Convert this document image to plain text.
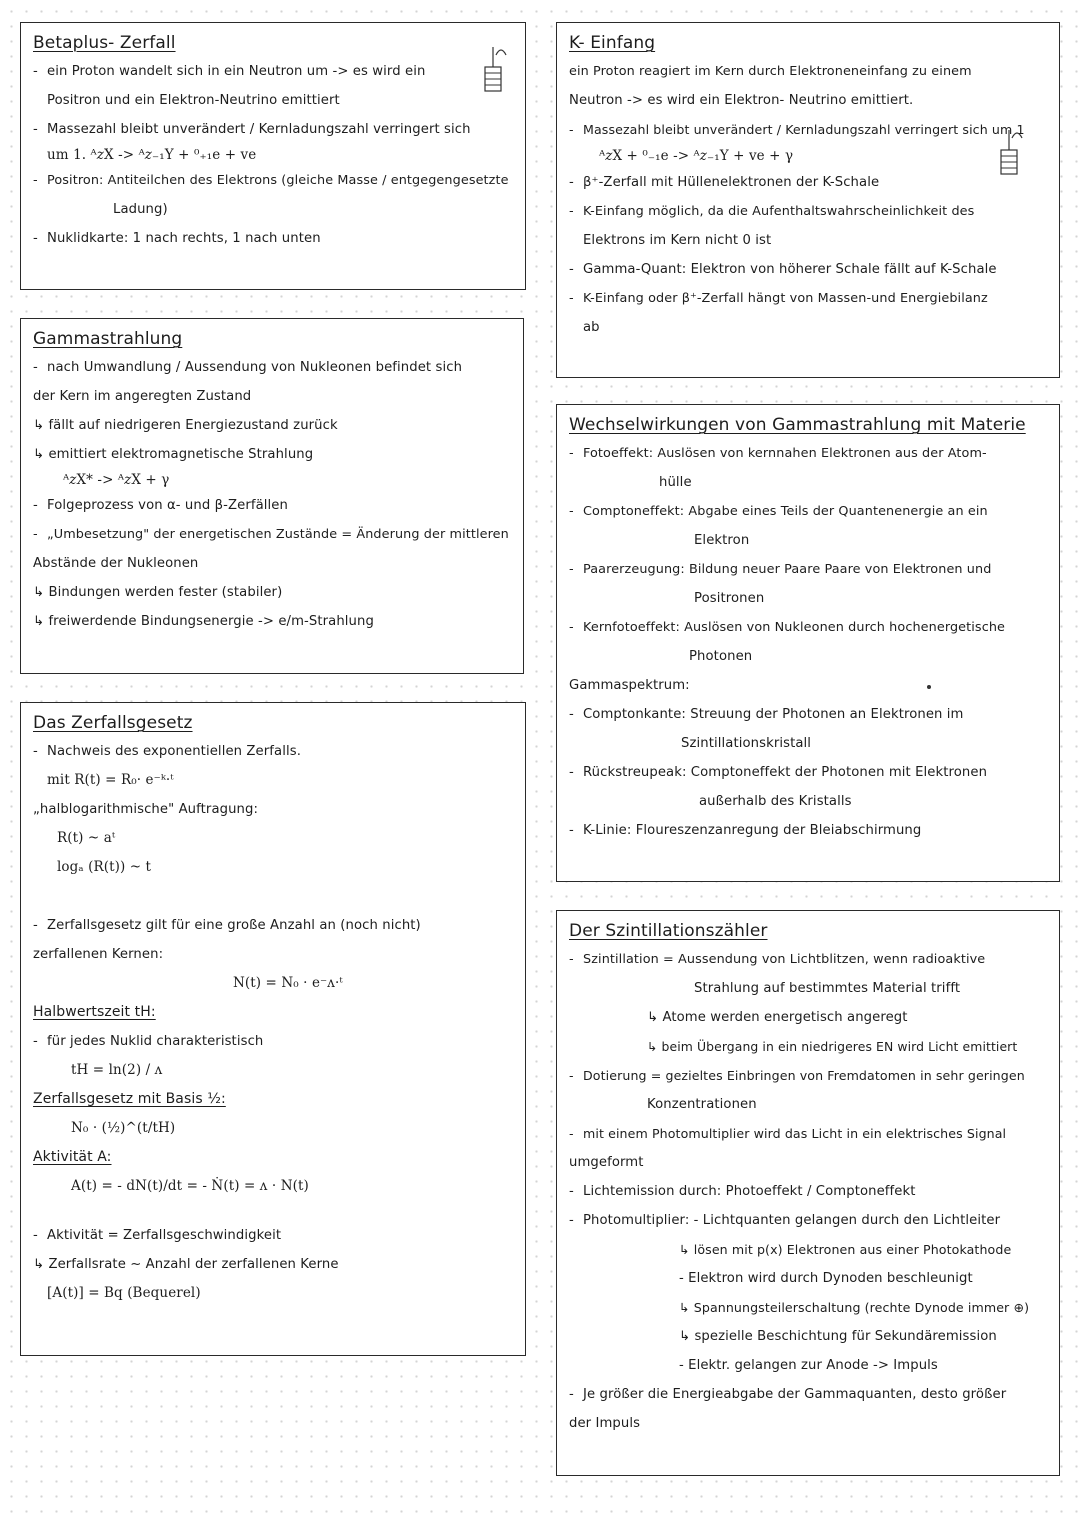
Betaplus- Zerfall
- ein Proton wandelt sich in ein Neutron um -> es wird ein
Positron und ein Elektron-Neutrino emittiert
- Massezahl bleibt unverändert / Kernladungszahl verringert sich
um 1. ᴬ𝑧X -> ᴬ𝑧₋₁Y + ⁰₊₁e + ve
- Positron: Antiteilchen des Elektrons (gleiche Masse / entgegengesetzte
Ladung)
- Nuklidkarte: 1 nach rechts, 1 nach unten
K- Einfang
ein Proton reagiert im Kern durch Elektroneneinfang zu einem
Neutron -> es wird ein Elektron- Neutrino emittiert.
- Massezahl bleibt unverändert / Kernladungszahl verringert sich um 1
ᴬ𝑧X + ⁰₋₁e -> ᴬ𝑧₋₁Y + ve + γ
- β⁺-Zerfall mit Hüllenelektronen der K-Schale
- K-Einfang möglich, da die Aufenthaltswahrscheinlichkeit des
Elektrons im Kern nicht 0 ist
- Gamma-Quant: Elektron von höherer Schale fällt auf K-Schale
- K-Einfang oder β⁺-Zerfall hängt von Massen-und Energiebilanz
ab
Gammastrahlung
- nach Umwandlung / Aussendung von Nukleonen befindet sich
der Kern im angeregten Zustand
↳ fällt auf niedrigeren Energiezustand zurück
↳ emittiert elektromagnetische Strahlung
ᴬ𝑧X* -> ᴬ𝑧X + γ
- Folgeprozess von α- und β-Zerfällen
- „Umbesetzung" der energetischen Zustände = Änderung der mittleren
Abstände der Nukleonen
↳ Bindungen werden fester (stabiler)
↳ freiwerdende Bindungsenergie -> e/m-Strahlung
Wechselwirkungen von Gammastrahlung mit Materie
- Fotoeffekt: Auslösen von kernnahen Elektronen aus der Atom-
hülle
- Comptoneffekt: Abgabe eines Teils der Quantenenergie an ein
Elektron
- Paarerzeugung: Bildung neuer Paare Paare von Elektronen und
Positronen
- Kernfotoeffekt: Auslösen von Nukleonen durch hochenergetische
Photonen
Gammaspektrum:
- Comptonkante: Streuung der Photonen an Elektronen im
Szintillationskristall
- Rückstreupeak: Comptoneffekt der Photonen mit Elektronen
außerhalb des Kristalls
- K-Linie: Floureszenzanregung der Bleiabschirmung
Das Zerfallsgesetz
- Nachweis des exponentiellen Zerfalls.
mit R(t) = R₀· e⁻ᵏ·ᵗ
„halblogarithmische" Auftragung:
R(t) ~ aᵗ
logₐ (R(t)) ~ t
- Zerfallsgesetz gilt für eine große Anzahl an (noch nicht)
zerfallenen Kernen:
N(t) = N₀ · e⁻ᴧ·ᵗ
Halbwertszeit tH:
- für jedes Nuklid charakteristisch
tH = ln(2) / ᴧ
Zerfallsgesetz mit Basis ½:
N₀ · (½)^(t/tH)
Aktivität A:
A(t) = - dN(t)/dt = - Ṅ(t) = ᴧ · N(t)
- Aktivität = Zerfallsgeschwindigkeit
↳ Zerfallsrate ~ Anzahl der zerfallenen Kerne
[A(t)] = Bq (Bequerel)
Der Szintillationszähler
- Szintillation = Aussendung von Lichtblitzen, wenn radioaktive
Strahlung auf bestimmtes Material trifft
↳ Atome werden energetisch angeregt
↳ beim Übergang in ein niedrigeres EN wird Licht emittiert
- Dotierung = gezieltes Einbringen von Fremdatomen in sehr geringen
Konzentrationen
- mit einem Photomultiplier wird das Licht in ein elektrisches Signal
umgeformt
- Lichtemission durch: Photoeffekt / Comptoneffekt
- Photomultiplier: - Lichtquanten gelangen durch den Lichtleiter
↳ lösen mit p(x) Elektronen aus einer Photokathode
- Elektron wird durch Dynoden beschleunigt
↳ Spannungsteilerschaltung (rechte Dynode immer ⊕)
↳ spezielle Beschichtung für Sekundäremission
- Elektr. gelangen zur Anode -> Impuls
- Je größer die Energieabgabe der Gammaquanten, desto größer
der Impuls
